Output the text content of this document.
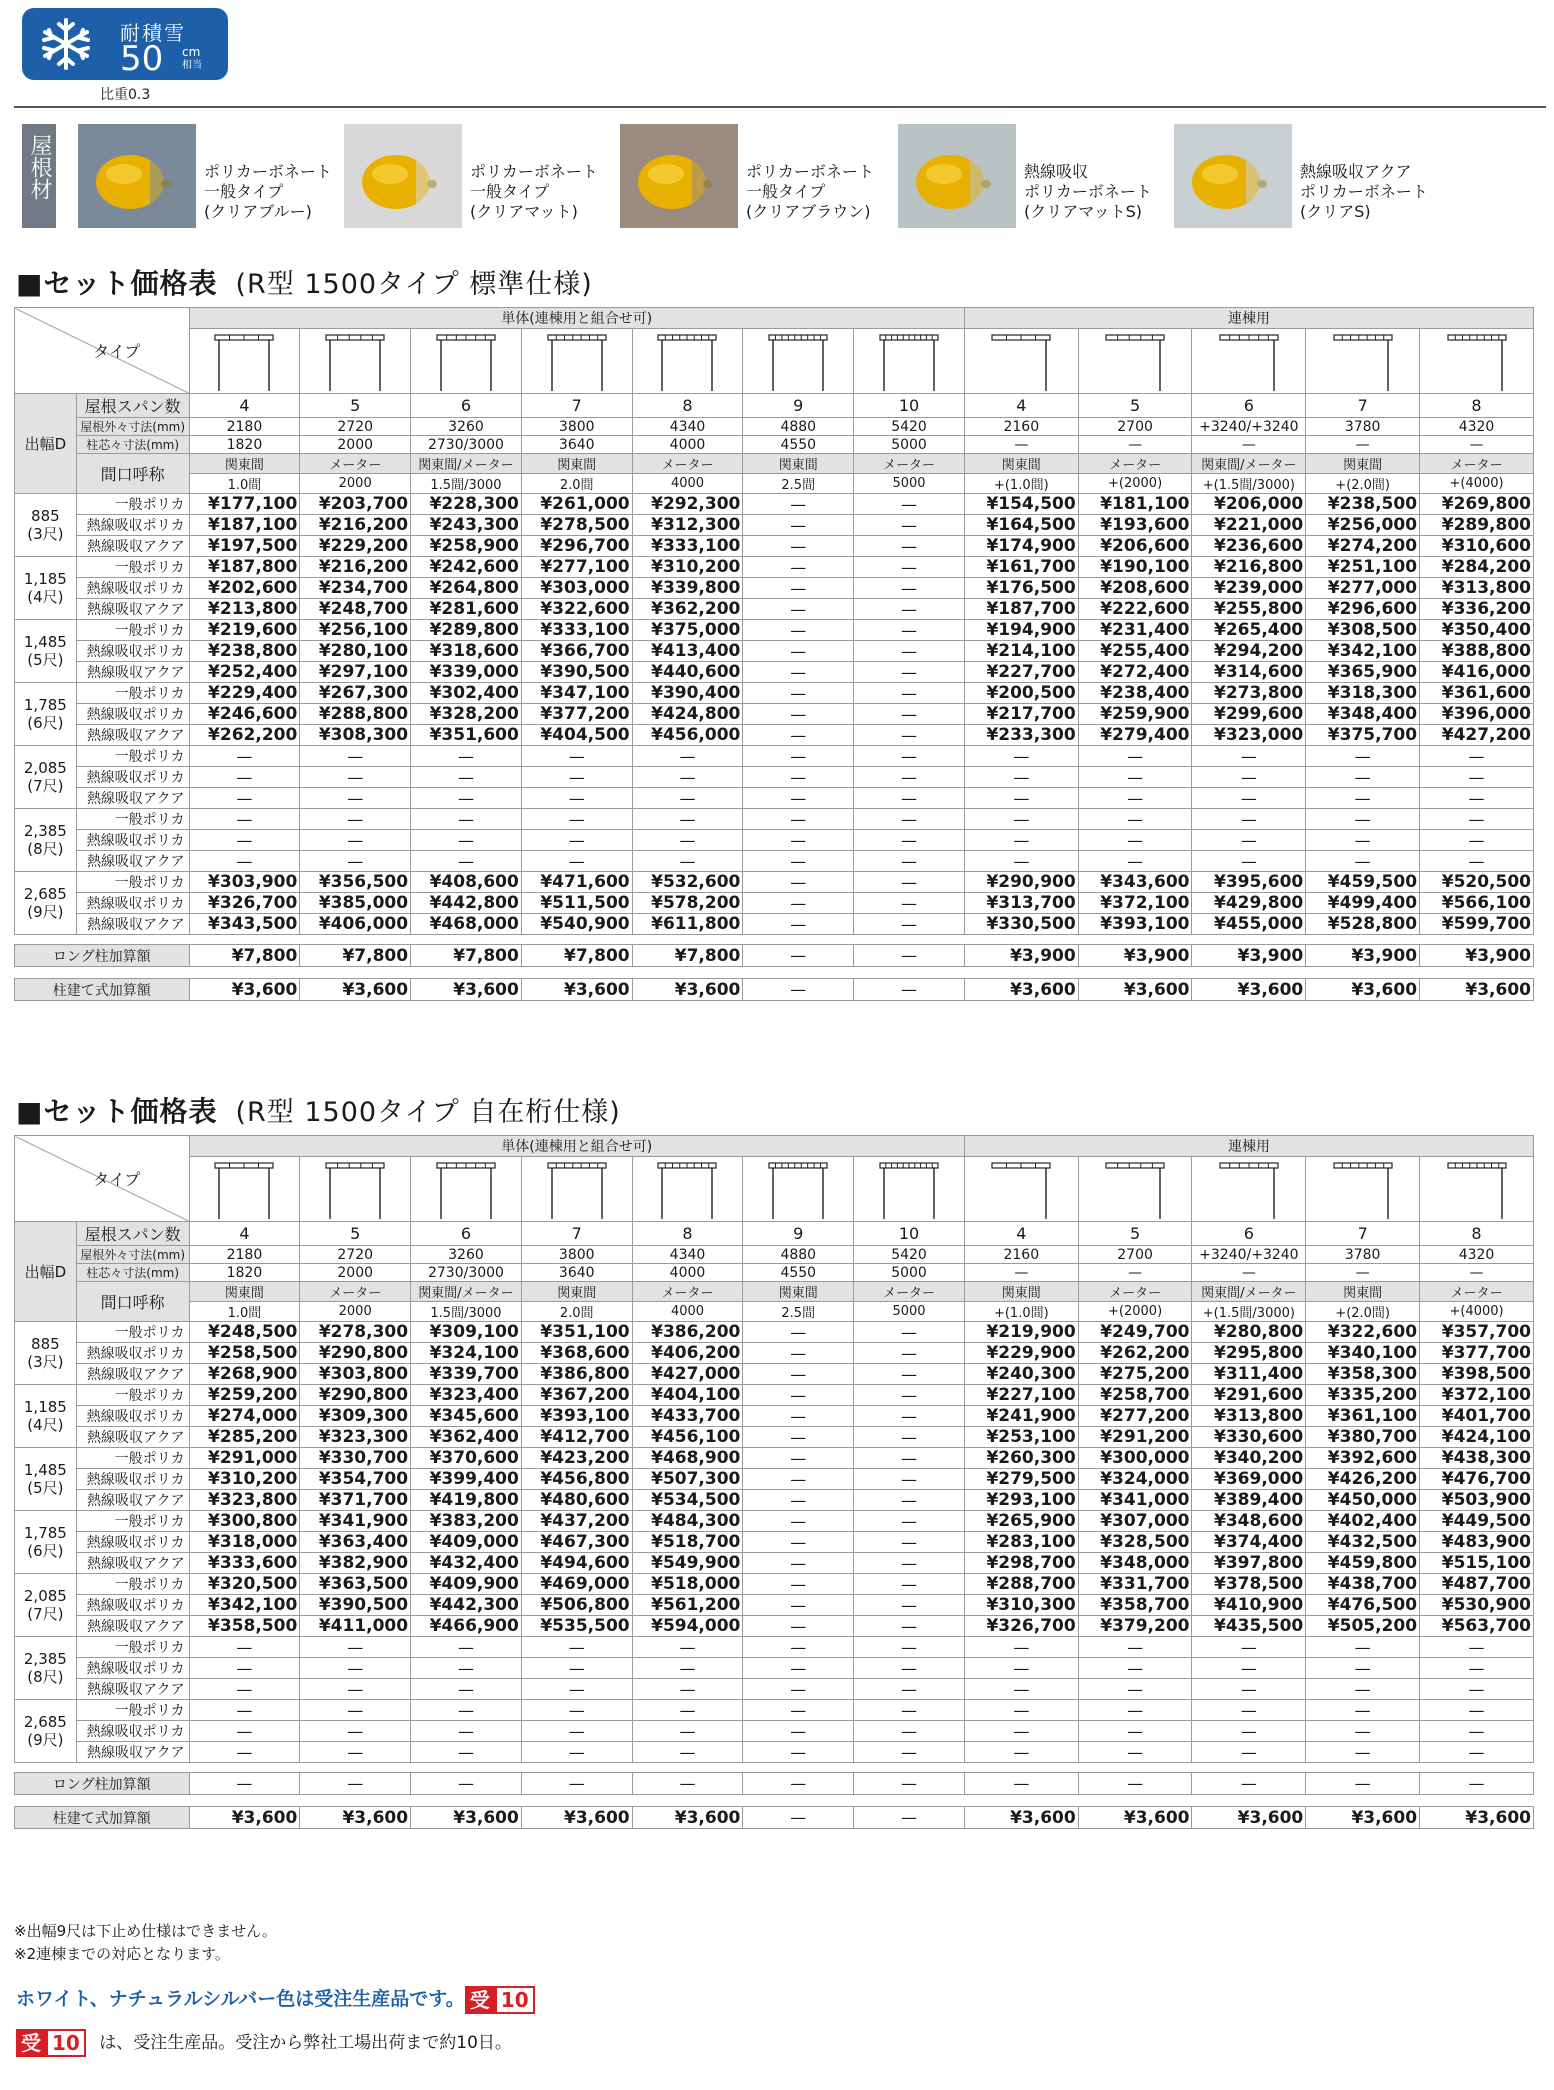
耐積雪
50 cm
相当
比重0.3
屋根材	ポリカーボネート
一般タイプ
(クリアブルー)
ポリカーボネート
一般タイプ
(クリアマット)
ポリカーボネート
一般タイプ
(クリアブラウン)
熱線吸収
ポリカーボネート
(クリアマットS)
熱線吸収アクア
ポリカーボネート
(クリアS)
■セット価格表 (R型 1500タイプ 標準仕様)
タイプ		単体(連棟用と組合せ可)							連棟用				

出幅D	屋根スパン数	4	5	6	7	8	9	10	4	5	6	7	8
	屋根外々寸法(mm)	2180	2720	3260	3800	4340	4880	5420	2160	2700	+3240/+3240	3780	4320
	柱芯々寸法(mm)	1820	2000	2730/3000	3640	4000	4550	5000	—	—	—	—	—
	間口呼称	関東間	メーター	関東間/メーター	関東間	メーター	関東間	メーター	関東間	メーター	関東間/メーター	関東間	メーター
		1.0間	2000	1.5間/3000	2.0間	4000	2.5間	5000	+(1.0間)	+(2000)	+(1.5間/3000)	+(2.0間)	+(4000)

885
(3尺)	一般ポリカ	¥177,100	¥203,700	¥228,300	¥261,000	¥292,300	—	—	¥154,500	¥181,100	¥206,000	¥238,500	¥269,800
	熱線吸収ポリカ	¥187,100	¥216,200	¥243,300	¥278,500	¥312,300	—	—	¥164,500	¥193,600	¥221,000	¥256,000	¥289,800
	熱線吸収アクア	¥197,500	¥229,200	¥258,900	¥296,700	¥333,100	—	—	¥174,900	¥206,600	¥236,600	¥274,200	¥310,600

1,185
(4尺)	一般ポリカ	¥187,800	¥216,200	¥242,600	¥277,100	¥310,200	—	—	¥161,700	¥190,100	¥216,800	¥251,100	¥284,200
	熱線吸収ポリカ	¥202,600	¥234,700	¥264,800	¥303,000	¥339,800	—	—	¥176,500	¥208,600	¥239,000	¥277,000	¥313,800
	熱線吸収アクア	¥213,800	¥248,700	¥281,600	¥322,600	¥362,200	—	—	¥187,700	¥222,600	¥255,800	¥296,600	¥336,200

1,485
(5尺)	一般ポリカ	¥219,600	¥256,100	¥289,800	¥333,100	¥375,000	—	—	¥194,900	¥231,400	¥265,400	¥308,500	¥350,400
	熱線吸収ポリカ	¥238,800	¥280,100	¥318,600	¥366,700	¥413,400	—	—	¥214,100	¥255,400	¥294,200	¥342,100	¥388,800
	熱線吸収アクア	¥252,400	¥297,100	¥339,000	¥390,500	¥440,600	—	—	¥227,700	¥272,400	¥314,600	¥365,900	¥416,000

1,785
(6尺)	一般ポリカ	¥229,400	¥267,300	¥302,400	¥347,100	¥390,400	—	—	¥200,500	¥238,400	¥273,800	¥318,300	¥361,600
	熱線吸収ポリカ	¥246,600	¥288,800	¥328,200	¥377,200	¥424,800	—	—	¥217,700	¥259,900	¥299,600	¥348,400	¥396,000
	熱線吸収アクア	¥262,200	¥308,300	¥351,600	¥404,500	¥456,000	—	—	¥233,300	¥279,400	¥323,000	¥375,700	¥427,200

2,085
(7尺)	一般ポリカ	—	—	—	—	—	—	—	—	—	—	—	—
	熱線吸収ポリカ	—	—	—	—	—	—	—	—	—	—	—	—
	熱線吸収アクア	—	—	—	—	—	—	—	—	—	—	—	—

2,385
(8尺)	一般ポリカ	—	—	—	—	—	—	—	—	—	—	—	—
	熱線吸収ポリカ	—	—	—	—	—	—	—	—	—	—	—	—
	熱線吸収アクア	—	—	—	—	—	—	—	—	—	—	—	—

2,685
(9尺)	一般ポリカ	¥303,900	¥356,500	¥408,600	¥471,600	¥532,600	—	—	¥290,900	¥343,600	¥395,600	¥459,500	¥520,500
	熱線吸収ポリカ	¥326,700	¥385,000	¥442,800	¥511,500	¥578,200	—	—	¥313,700	¥372,100	¥429,800	¥499,400	¥566,100
	熱線吸収アクア	¥343,500	¥406,000	¥468,000	¥540,900	¥611,800	—	—	¥330,500	¥393,100	¥455,000	¥528,800	¥599,700

ロング柱加算額		¥7,800	¥7,800	¥7,800	¥7,800	¥7,800	—	—	¥3,900	¥3,900	¥3,900	¥3,900	¥3,900

柱建て式加算額		¥3,600	¥3,600	¥3,600	¥3,600	¥3,600	—	—	¥3,600	¥3,600	¥3,600	¥3,600	¥3,600
■セット価格表 (R型 1500タイプ 自在桁仕様)
タイプ		単体(連棟用と組合せ可)							連棟用				

出幅D	屋根スパン数	4	5	6	7	8	9	10	4	5	6	7	8
	屋根外々寸法(mm)	2180	2720	3260	3800	4340	4880	5420	2160	2700	+3240/+3240	3780	4320
	柱芯々寸法(mm)	1820	2000	2730/3000	3640	4000	4550	5000	—	—	—	—	—
	間口呼称	関東間	メーター	関東間/メーター	関東間	メーター	関東間	メーター	関東間	メーター	関東間/メーター	関東間	メーター
		1.0間	2000	1.5間/3000	2.0間	4000	2.5間	5000	+(1.0間)	+(2000)	+(1.5間/3000)	+(2.0間)	+(4000)

885
(3尺)	一般ポリカ	¥248,500	¥278,300	¥309,100	¥351,100	¥386,200	—	—	¥219,900	¥249,700	¥280,800	¥322,600	¥357,700
	熱線吸収ポリカ	¥258,500	¥290,800	¥324,100	¥368,600	¥406,200	—	—	¥229,900	¥262,200	¥295,800	¥340,100	¥377,700
	熱線吸収アクア	¥268,900	¥303,800	¥339,700	¥386,800	¥427,000	—	—	¥240,300	¥275,200	¥311,400	¥358,300	¥398,500

1,185
(4尺)	一般ポリカ	¥259,200	¥290,800	¥323,400	¥367,200	¥404,100	—	—	¥227,100	¥258,700	¥291,600	¥335,200	¥372,100
	熱線吸収ポリカ	¥274,000	¥309,300	¥345,600	¥393,100	¥433,700	—	—	¥241,900	¥277,200	¥313,800	¥361,100	¥401,700
	熱線吸収アクア	¥285,200	¥323,300	¥362,400	¥412,700	¥456,100	—	—	¥253,100	¥291,200	¥330,600	¥380,700	¥424,100

1,485
(5尺)	一般ポリカ	¥291,000	¥330,700	¥370,600	¥423,200	¥468,900	—	—	¥260,300	¥300,000	¥340,200	¥392,600	¥438,300
	熱線吸収ポリカ	¥310,200	¥354,700	¥399,400	¥456,800	¥507,300	—	—	¥279,500	¥324,000	¥369,000	¥426,200	¥476,700
	熱線吸収アクア	¥323,800	¥371,700	¥419,800	¥480,600	¥534,500	—	—	¥293,100	¥341,000	¥389,400	¥450,000	¥503,900

1,785
(6尺)	一般ポリカ	¥300,800	¥341,900	¥383,200	¥437,200	¥484,300	—	—	¥265,900	¥307,000	¥348,600	¥402,400	¥449,500
	熱線吸収ポリカ	¥318,000	¥363,400	¥409,000	¥467,300	¥518,700	—	—	¥283,100	¥328,500	¥374,400	¥432,500	¥483,900
	熱線吸収アクア	¥333,600	¥382,900	¥432,400	¥494,600	¥549,900	—	—	¥298,700	¥348,000	¥397,800	¥459,800	¥515,100

2,085
(7尺)	一般ポリカ	¥320,500	¥363,500	¥409,900	¥469,000	¥518,000	—	—	¥288,700	¥331,700	¥378,500	¥438,700	¥487,700
	熱線吸収ポリカ	¥342,100	¥390,500	¥442,300	¥506,800	¥561,200	—	—	¥310,300	¥358,700	¥410,900	¥476,500	¥530,900
	熱線吸収アクア	¥358,500	¥411,000	¥466,900	¥535,500	¥594,000	—	—	¥326,700	¥379,200	¥435,500	¥505,200	¥563,700

2,385
(8尺)	一般ポリカ	—	—	—	—	—	—	—	—	—	—	—	—
	熱線吸収ポリカ	—	—	—	—	—	—	—	—	—	—	—	—
	熱線吸収アクア	—	—	—	—	—	—	—	—	—	—	—	—

2,685
(9尺)	一般ポリカ	—	—	—	—	—	—	—	—	—	—	—	—
	熱線吸収ポリカ	—	—	—	—	—	—	—	—	—	—	—	—
	熱線吸収アクア	—	—	—	—	—	—	—	—	—	—	—	—

ロング柱加算額		—	—	—	—	—	—	—	—	—	—	—	—

柱建て式加算額		¥3,600	¥3,600	¥3,600	¥3,600	¥3,600	—	—	¥3,600	¥3,600	¥3,600	¥3,600	¥3,600
※出幅9尺は下止め仕様はできません。
※2連棟までの対応となります。
ホワイト、ナチュラルシルバー色は受注生産品です。 受 10
受 10 は、受注生産品。受注から弊社工場出荷まで約10日。
